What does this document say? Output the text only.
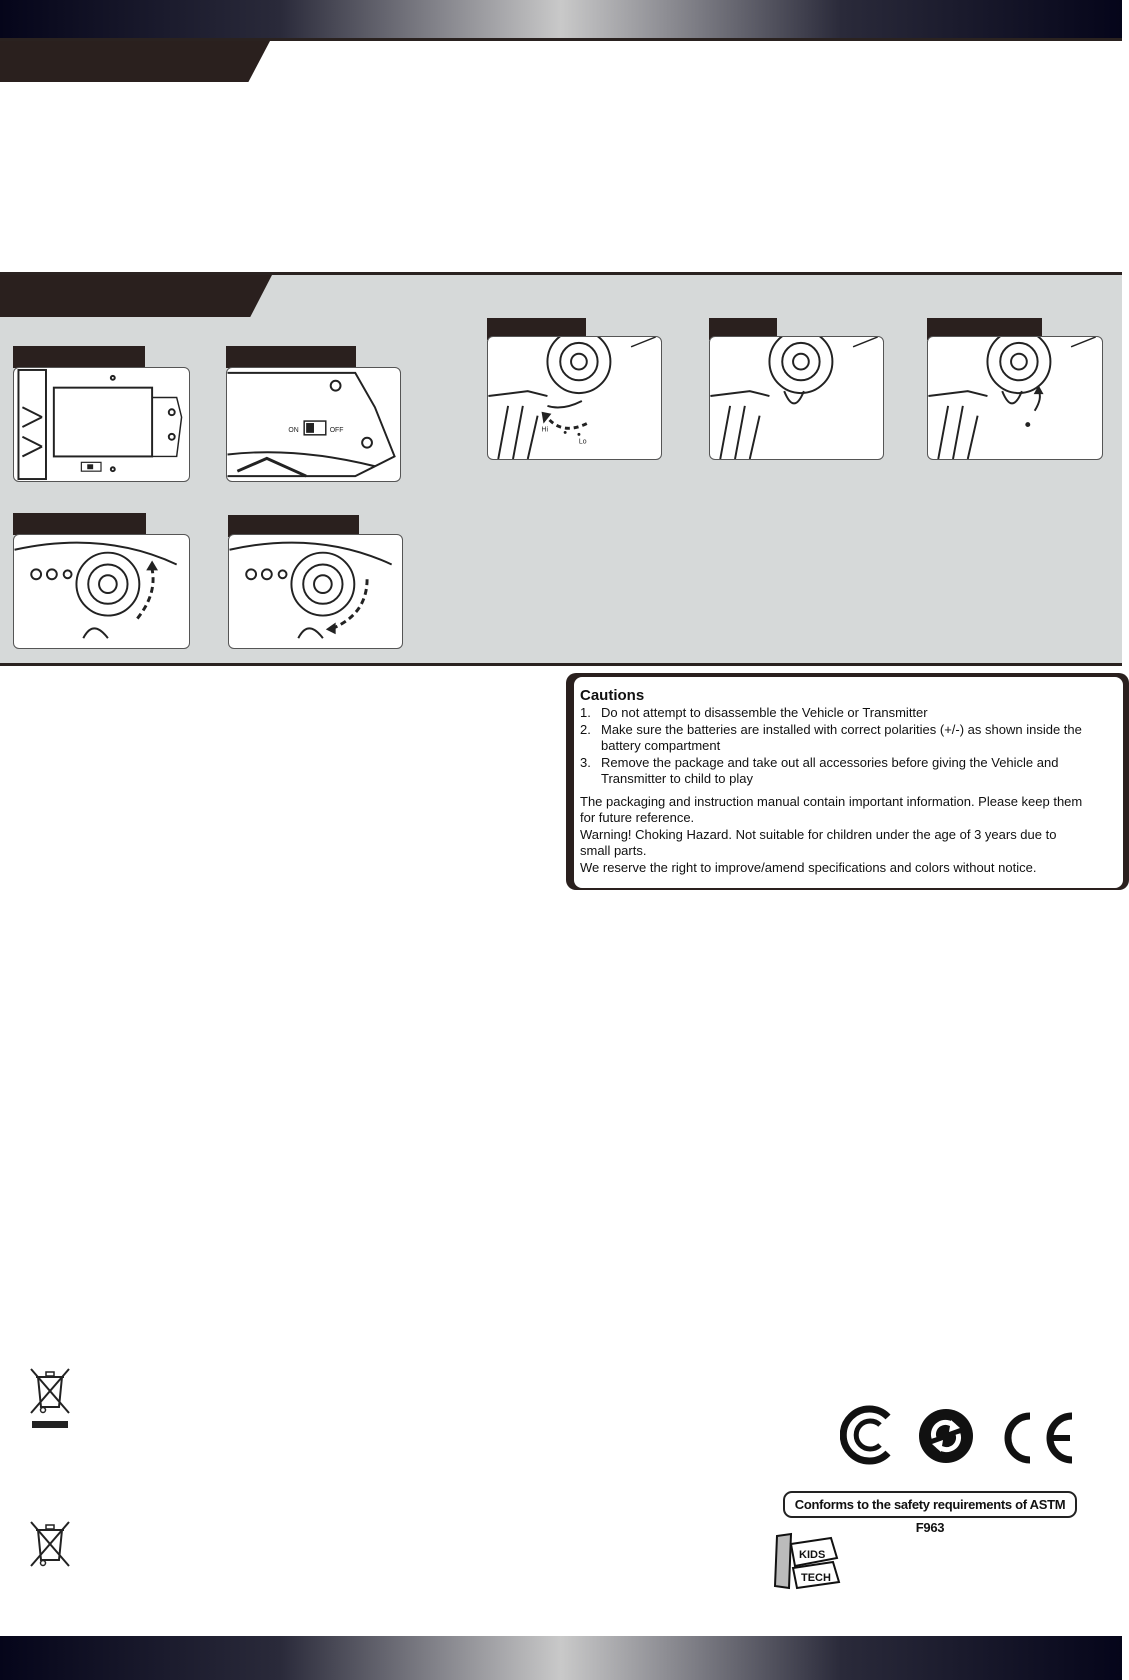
ON	OFF	Hi
Lo
Cautions
1. Do not attempt to disassemble the Vehicle or Transmitter
2. Make sure the batteries are installed with correct polarities (+/-) as shown inside the
battery compartment
3. Remove the package and take out all accessories before giving the Vehicle and
Transmitter to child to play
The packaging and instruction manual contain important information. Please keep them
for future reference.
Warning! Choking Hazard. Not suitable for children under the age of 3 years due to
small parts.
We reserve the right to improve/amend specifications and colors without notice.
Conforms to the safety requirements of ASTM F963
KIDS
TECH
